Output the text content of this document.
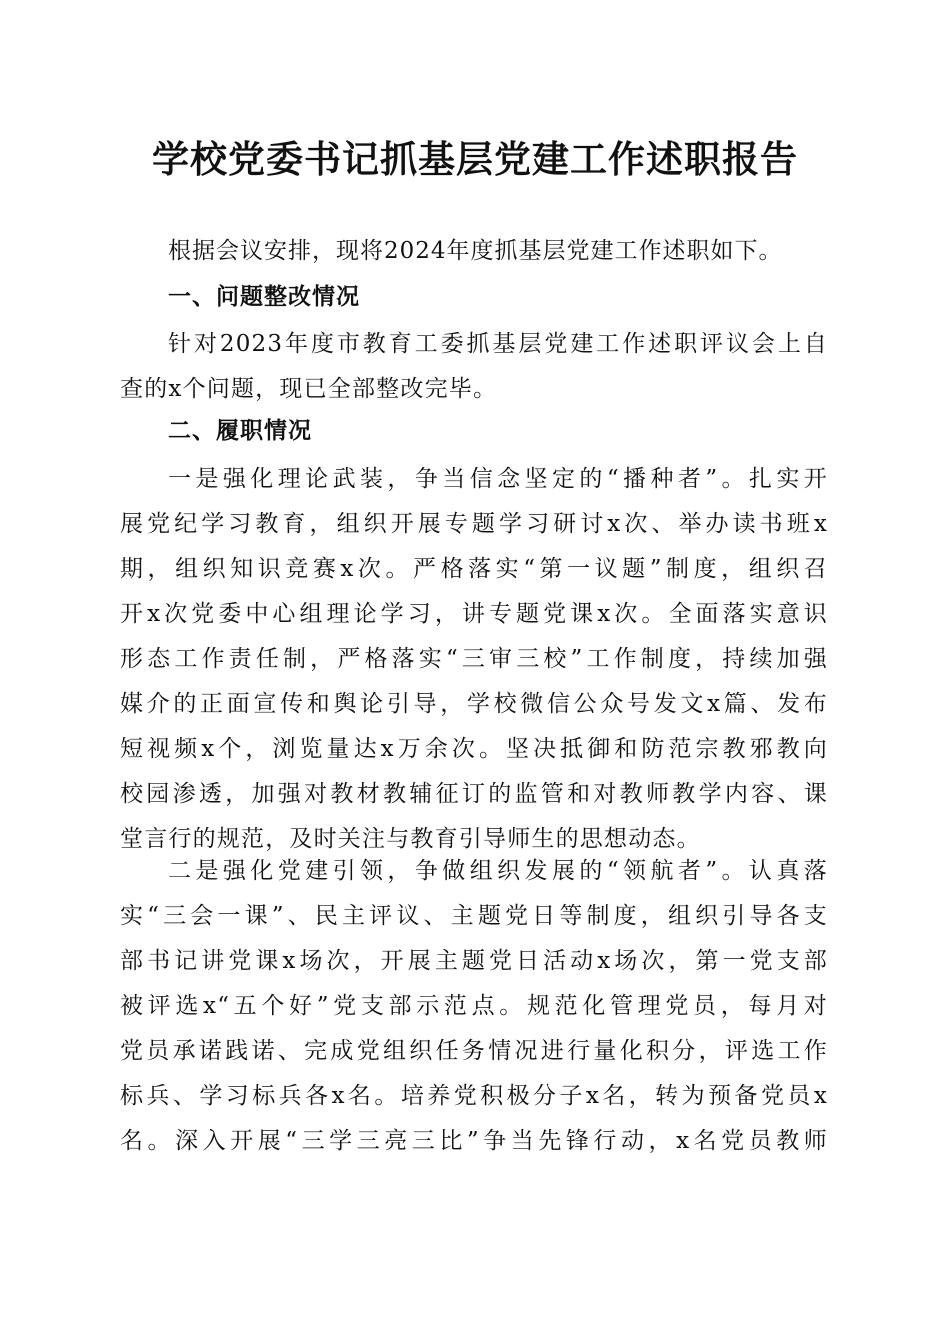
学校党委书记抓基层党建工作述职报告
根据会议安排，现将2024年度抓基层党建工作述职如下。
一、问题整改情况
针对2023年度市教育工委抓基层党建工作述职评议会上自
查的x个问题，现已全部整改完毕。
二、履职情况
一是强化理论武装，争当信念坚定的“播种者”。扎实开
展党纪学习教育，组织开展专题学习研讨x次、举办读书班x
期，组织知识竞赛x次。严格落实“第一议题”制度，组织召
开x次党委中心组理论学习，讲专题党课x次。全面落实意识
形态工作责任制，严格落实“三审三校”工作制度，持续加强
媒介的正面宣传和舆论引导，学校微信公众号发文x篇、发布
短视频x个，浏览量达x万余次。坚决抵御和防范宗教邪教向
校园渗透，加强对教材教辅征订的监管和对教师教学内容、课
堂言行的规范，及时关注与教育引导师生的思想动态。
二是强化党建引领，争做组织发展的“领航者”。认真落
实“三会一课”、民主评议、主题党日等制度，组织引导各支
部书记讲党课x场次，开展主题党日活动x场次，第一党支部
被评选x“五个好”党支部示范点。规范化管理党员，每月对
党员承诺践诺、完成党组织任务情况进行量化积分，评选工作
标兵、学习标兵各x名。培养党积极分子x名，转为预备党员x
名。深入开展“三学三亮三比”争当先锋行动，x名党员教师
